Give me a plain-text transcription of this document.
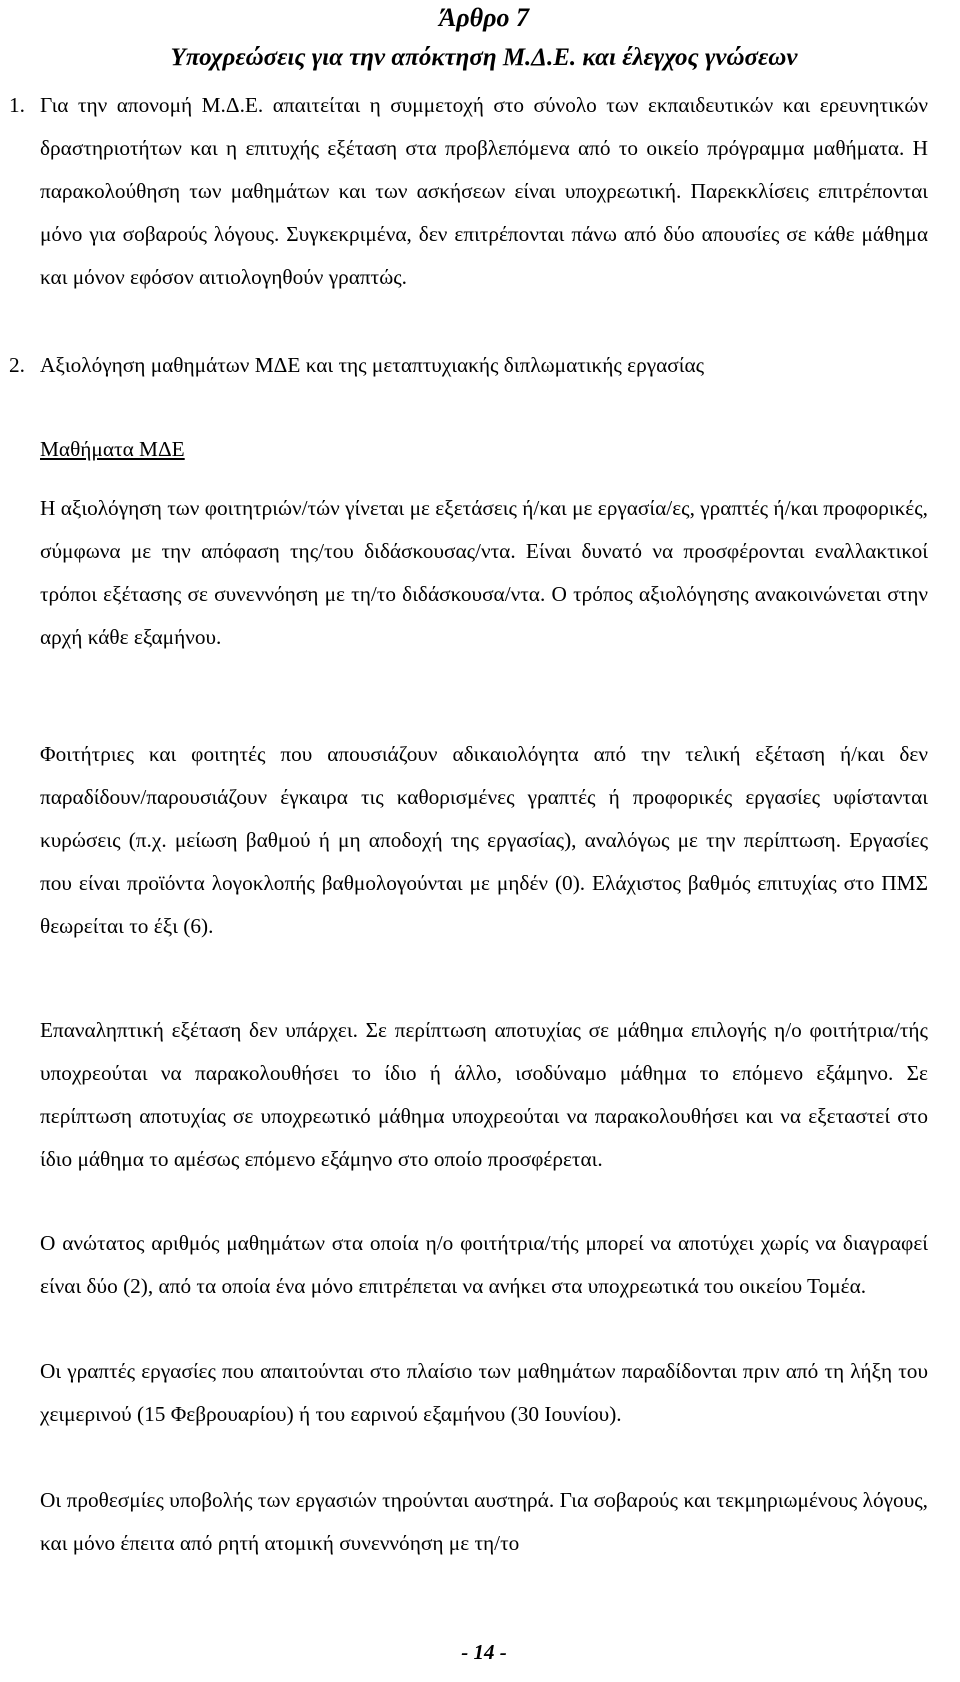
Άρθρο 7
Υποχρεώσεις για την απόκτηση Μ.Δ.Ε. και έλεγχος γνώσεων
1. Για την απονομή Μ.Δ.Ε. απαιτείται η συμμετοχή στο σύνολο των εκπαιδευτικών και ερευνητικών δραστηριοτήτων και η επιτυχής εξέταση στα προβλεπόμενα από το οικείο πρόγραμμα μαθήματα. Η παρακολούθηση των μαθημάτων και των ασκήσεων είναι υποχρεωτική. Παρεκκλίσεις επιτρέπονται μόνο για σοβαρούς λόγους. Συγκεκριμένα, δεν επιτρέπονται πάνω από δύο απουσίες σε κάθε μάθημα και μόνον εφόσον αιτιολογηθούν γραπτώς.
2. Αξιολόγηση μαθημάτων ΜΔΕ και της μεταπτυχιακής διπλωματικής εργασίας
Μαθήματα ΜΔΕ
Η αξιολόγηση των φοιτητριών/τών γίνεται με εξετάσεις ή/και με εργασία/ες, γραπτές ή/και προφορικές, σύμφωνα με την απόφαση της/του διδάσκουσας/ντα. Είναι δυνατό να προσφέρονται εναλλακτικοί τρόποι εξέτασης σε συνεννόηση με τη/το διδάσκουσα/ντα. Ο τρόπος αξιολόγησης ανακοινώνεται στην αρχή κάθε εξαμήνου.
Φοιτήτριες και φοιτητές που απουσιάζουν αδικαιολόγητα από την τελική εξέταση ή/και δεν παραδίδουν/παρουσιάζουν έγκαιρα τις καθορισμένες γραπτές ή προφορικές εργασίες υφίστανται κυρώσεις (π.χ. μείωση βαθμού ή μη αποδοχή της εργασίας), αναλόγως με την περίπτωση. Εργασίες που είναι προϊόντα λογοκλοπής βαθμολογούνται με μηδέν (0). Ελάχιστος βαθμός επιτυχίας στο ΠΜΣ θεωρείται το έξι (6).
Επαναληπτική εξέταση δεν υπάρχει. Σε περίπτωση αποτυχίας σε μάθημα επιλογής η/ο φοιτήτρια/τής υποχρεούται να παρακολουθήσει το ίδιο ή άλλο, ισοδύναμο μάθημα το επόμενο εξάμηνο. Σε περίπτωση αποτυχίας σε υποχρεωτικό μάθημα υποχρεούται να παρακολουθήσει και να εξεταστεί στο ίδιο μάθημα το αμέσως επόμενο εξάμηνο στο οποίο προσφέρεται.
Ο ανώτατος αριθμός μαθημάτων στα οποία η/ο φοιτήτρια/τής μπορεί να αποτύχει χωρίς να διαγραφεί είναι δύο (2), από τα οποία ένα μόνο επιτρέπεται να ανήκει στα υποχρεωτικά του οικείου Τομέα.
Οι γραπτές εργασίες που απαιτούνται στο πλαίσιο των μαθημάτων παραδίδονται πριν από τη λήξη του χειμερινού (15 Φεβρουαρίου) ή του εαρινού εξαμήνου (30 Ιουνίου).
Οι προθεσμίες υποβολής των εργασιών τηρούνται αυστηρά. Για σοβαρούς και τεκμηριωμένους λόγους, και μόνο έπειτα από ρητή ατομική συνεννόηση με τη/το
- 14 -
